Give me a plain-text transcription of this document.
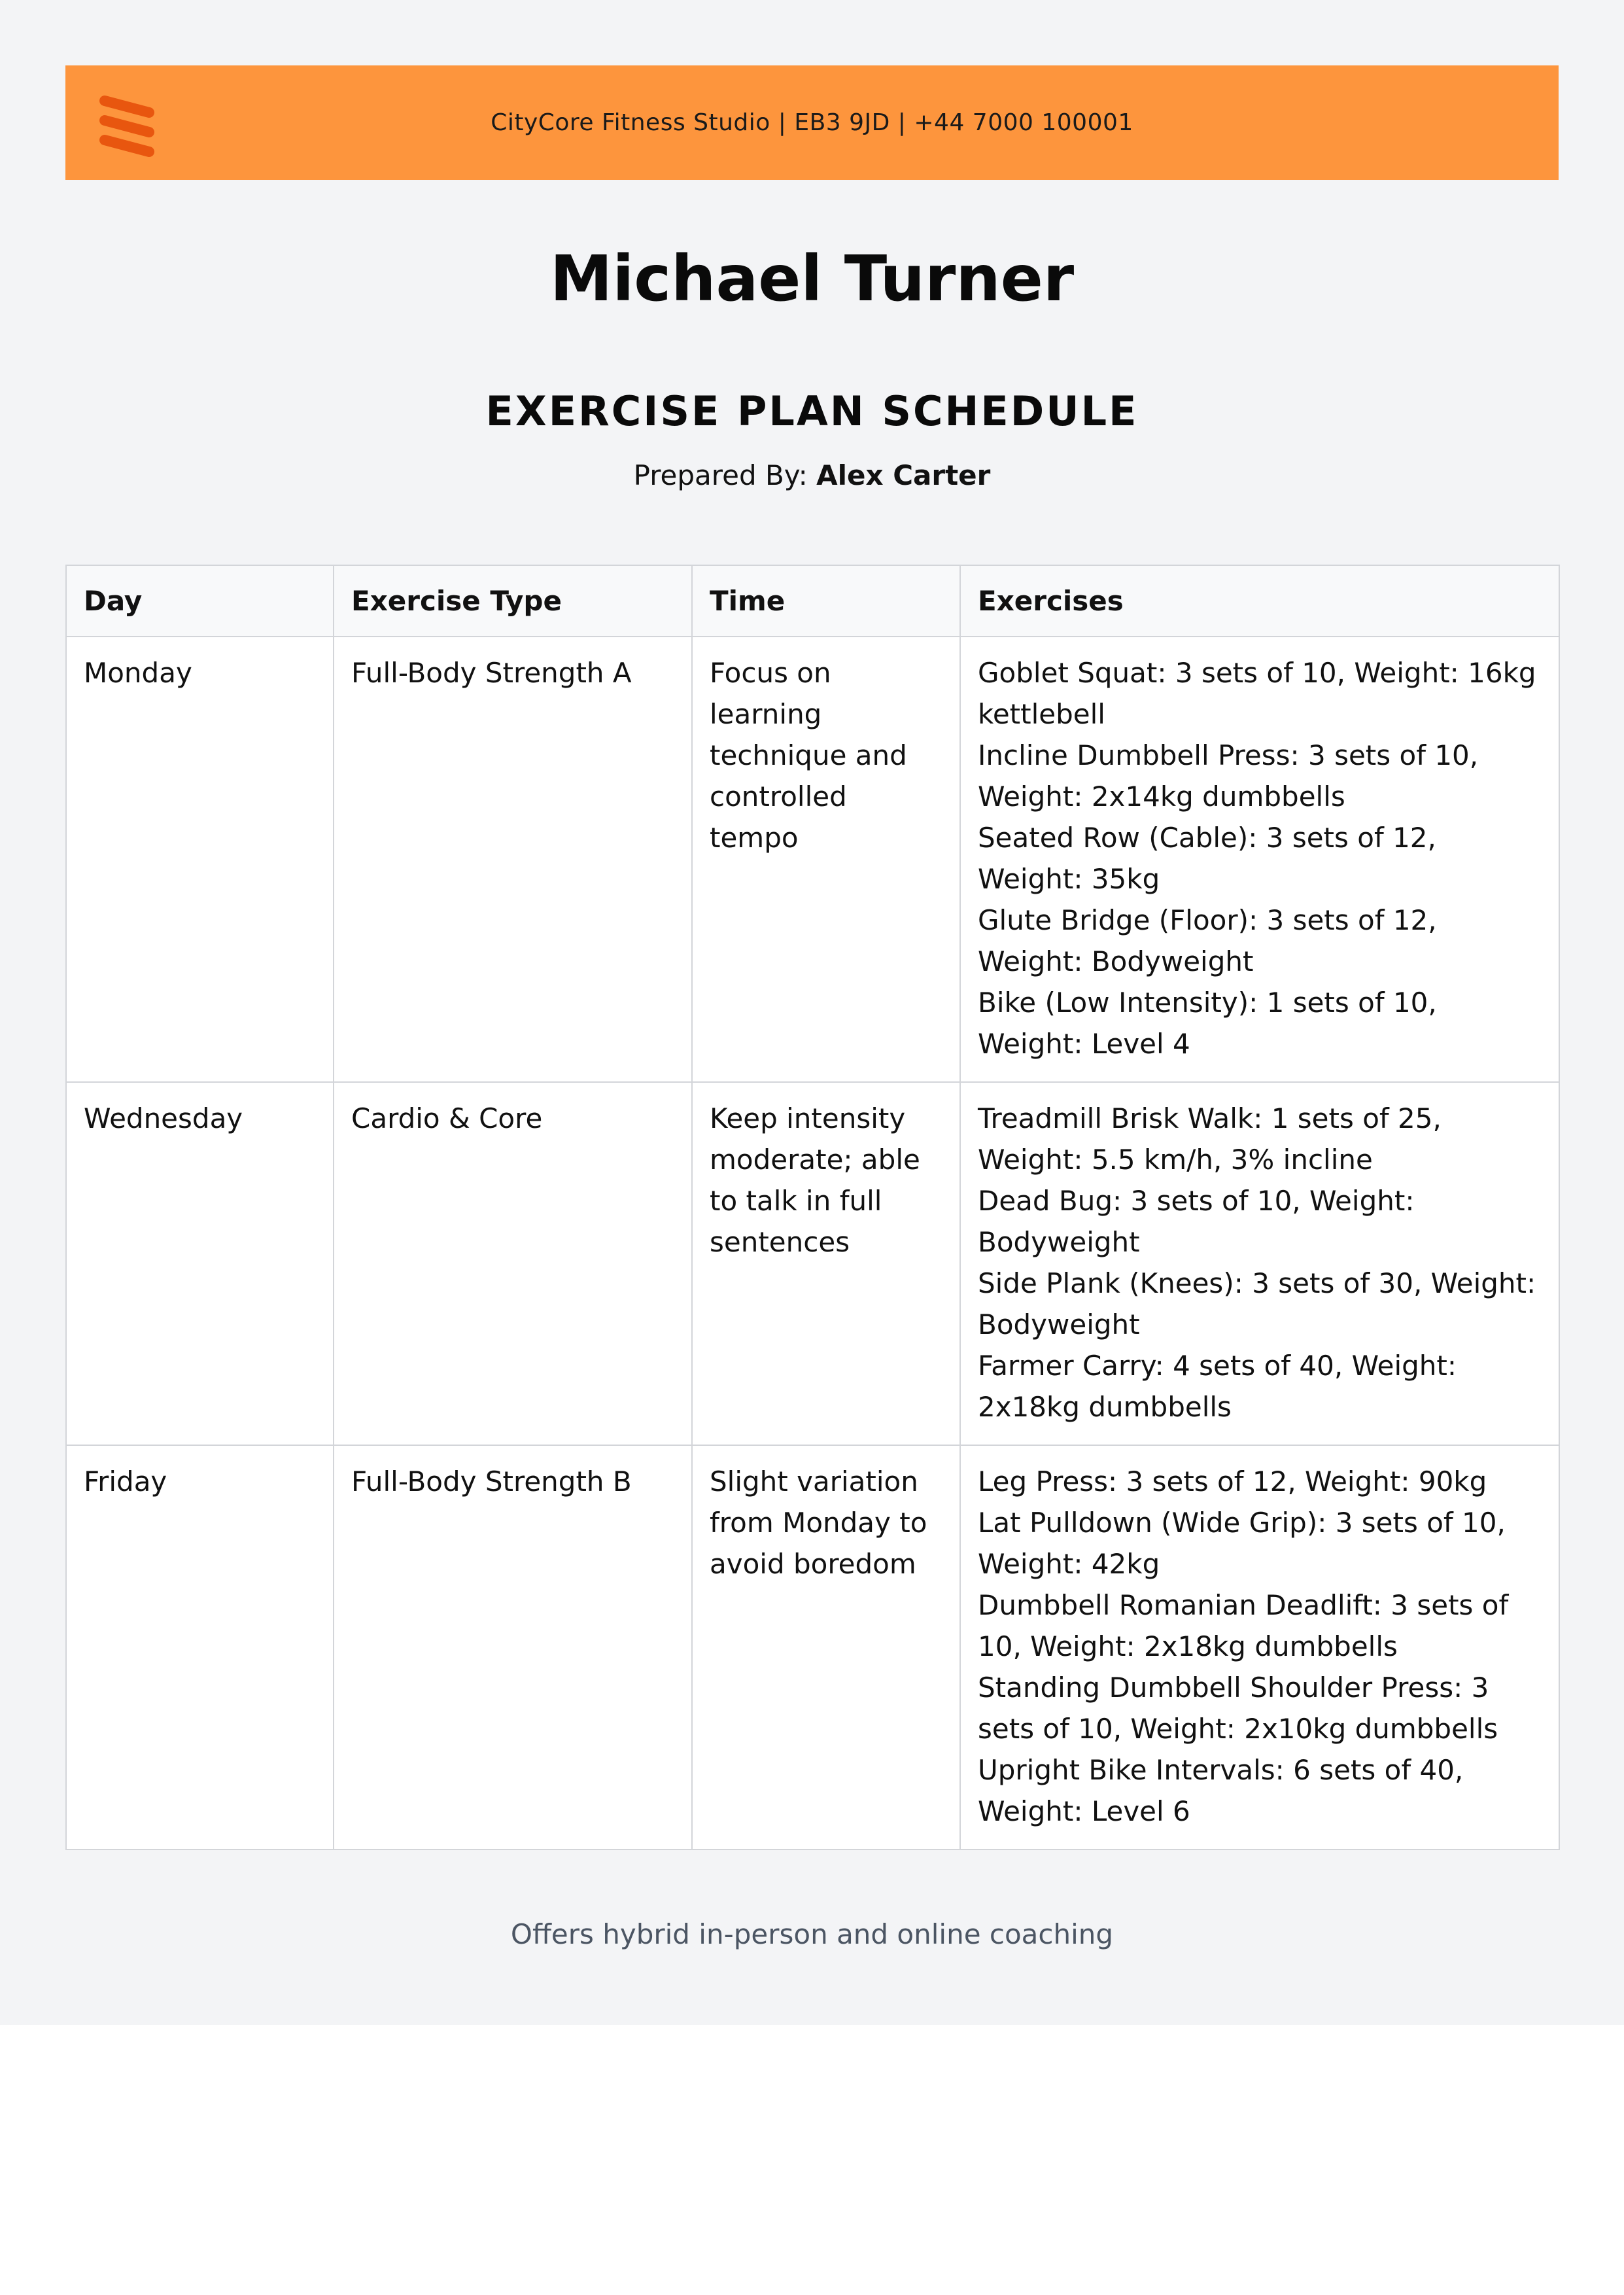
CityCore Fitness Studio | EB3 9JD | +44 7000 100001
Michael Turner
EXERCISE PLAN SCHEDULE
Prepared By: Alex Carter
Day	Exercise Type	Time	Exercises
Monday	Full-Body Strength A	Focus on learning technique and controlled tempo	Goblet Squat: 3 sets of 10, Weight: 16kg kettlebell
Incline Dumbbell Press: 3 sets of 10, Weight: 2x14kg dumbbells
Seated Row (Cable): 3 sets of 12, Weight: 35kg
Glute Bridge (Floor): 3 sets of 12, Weight: Bodyweight
Bike (Low Intensity): 1 sets of 10, Weight: Level 4

Wednesday	Cardio & Core	Keep intensity moderate; able to talk in full sentences	Treadmill Brisk Walk: 1 sets of 25, Weight: 5.5 km/h, 3% incline
Dead Bug: 3 sets of 10, Weight: Bodyweight
Side Plank (Knees): 3 sets of 30, Weight: Bodyweight
Farmer Carry: 4 sets of 40, Weight: 2x18kg dumbbells

Friday	Full-Body Strength B	Slight variation from Monday to avoid boredom	Leg Press: 3 sets of 12, Weight: 90kg
Lat Pulldown (Wide Grip): 3 sets of 10, Weight: 42kg
Dumbbell Romanian Deadlift: 3 sets of 10, Weight: 2x18kg dumbbells
Standing Dumbbell Shoulder Press: 3 sets of 10, Weight: 2x10kg dumbbells
Upright Bike Intervals: 6 sets of 40, Weight: Level 6
Offers hybrid in-person and online coaching
